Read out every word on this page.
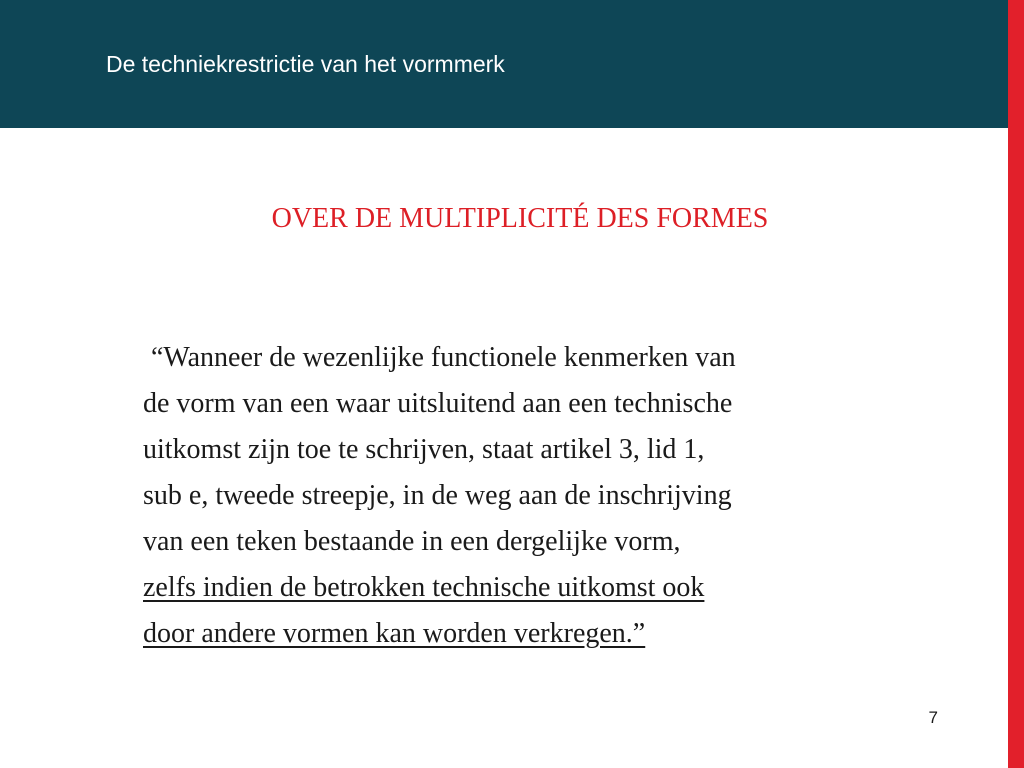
De techniekrestrictie van het vormmerk
OVER DE MULTIPLICITÉ DES FORMES
“Wanneer de wezenlijke functionele kenmerken van
de vorm van een waar uitsluitend aan een technische
uitkomst zijn toe te schrijven, staat artikel 3, lid 1,
sub e, tweede streepje, in de weg aan de inschrijving
van een teken bestaande in een dergelijke vorm,
zelfs indien de betrokken technische uitkomst ook
door andere vormen kan worden verkregen.”
7
